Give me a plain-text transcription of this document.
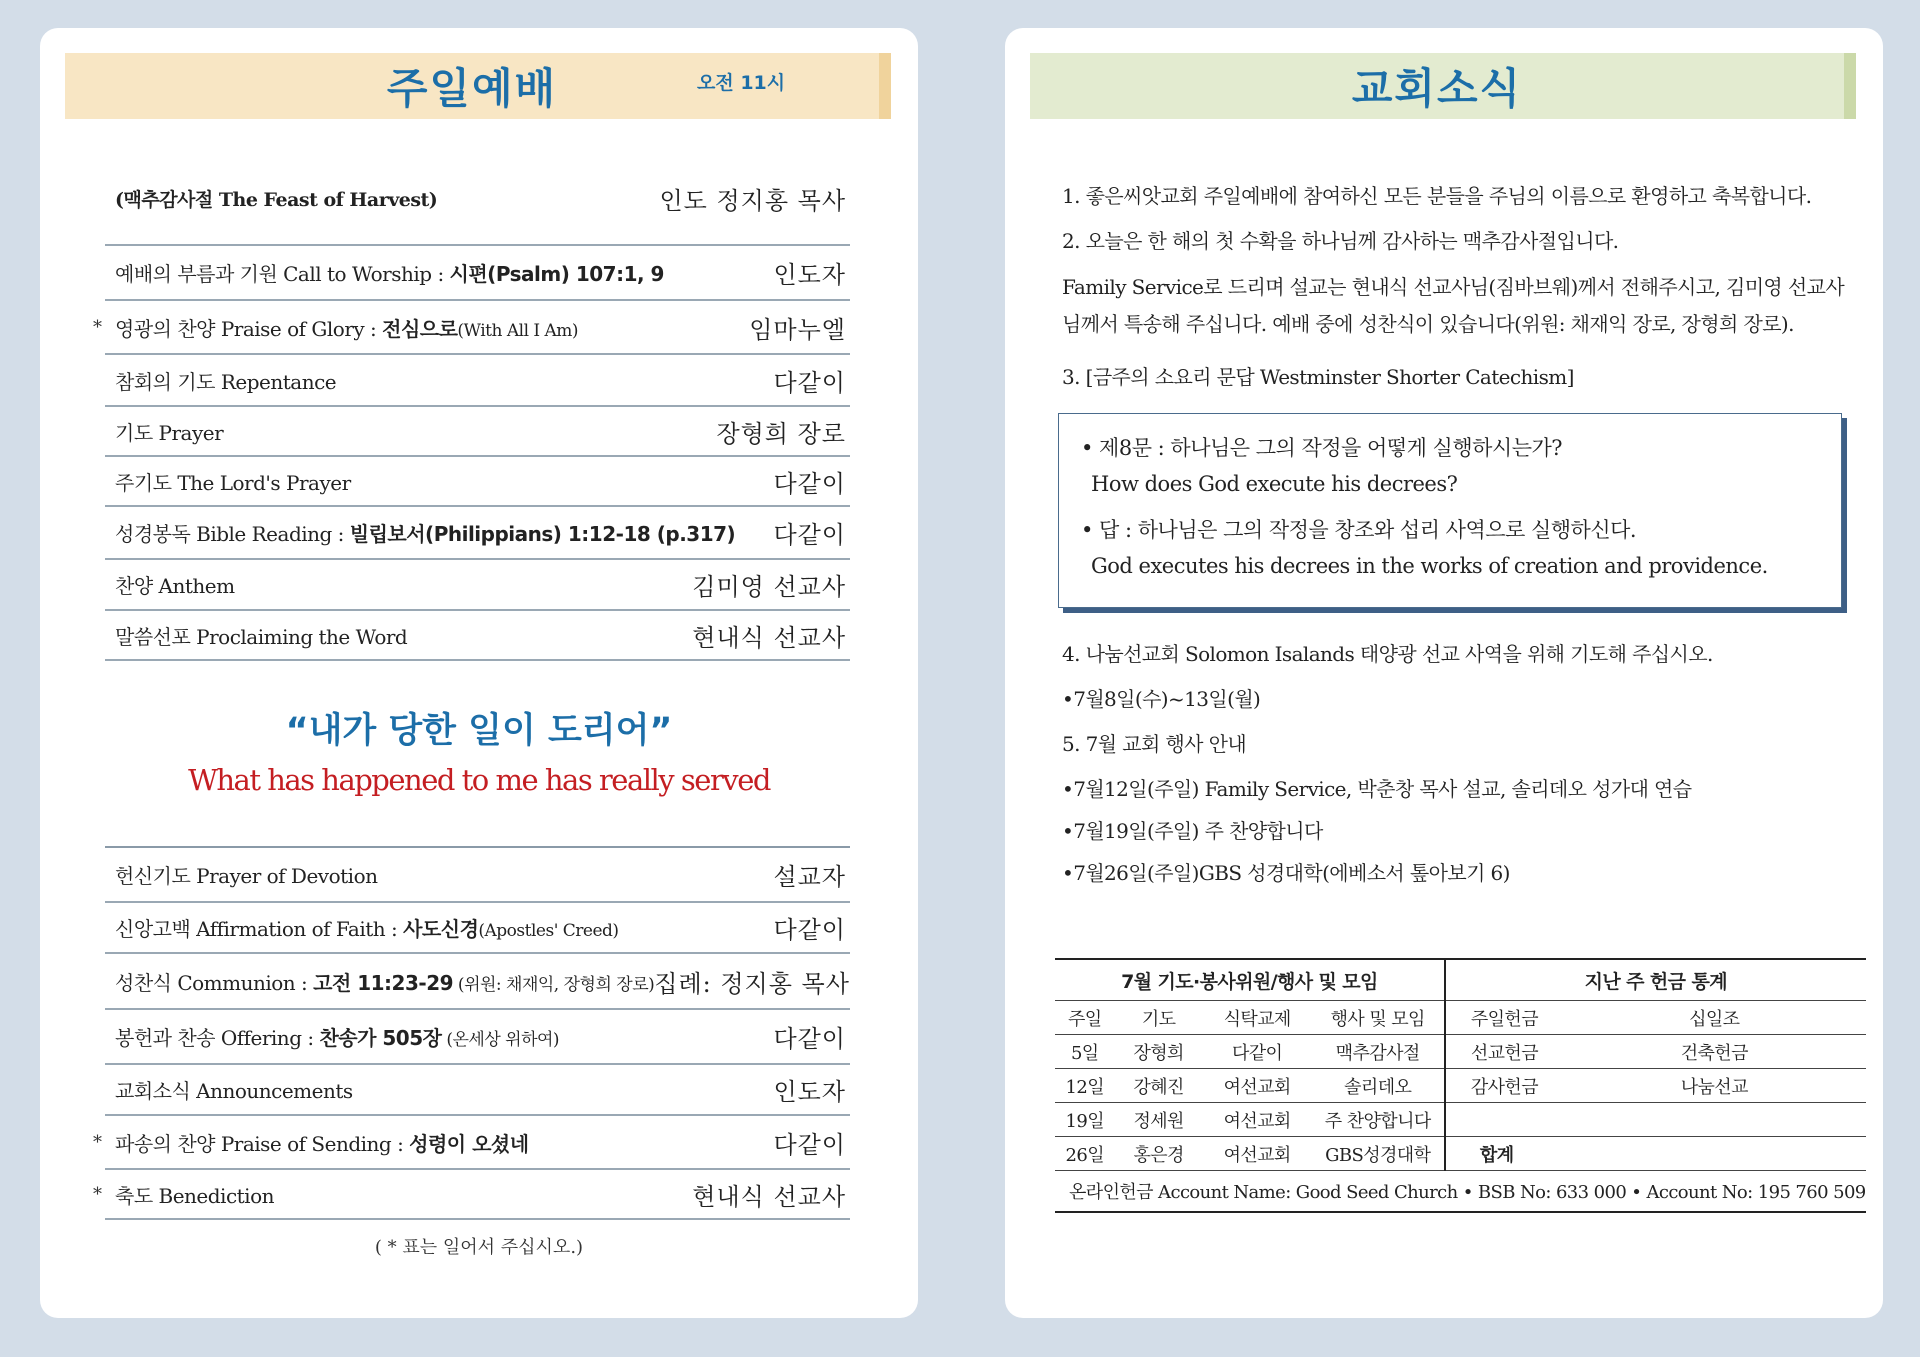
주일예배	오전 11시
(맥추감사절 The Feast of Harvest)	인도 정지홍 목사
예배의 부름과 기원 Call to Worship : 시편(Psalm) 107:1, 9	인도자
* 영광의 찬양 Praise of Glory : 전심으로(With All I Am)	임마누엘
참회의 기도 Repentance	다같이
기도 Prayer	장형희 장로
주기도 The Lord's Prayer	다같이
성경봉독 Bible Reading : 빌립보서(Philippians) 1:12-18 (p.317) 다같이
찬양 Anthem	김미영 선교사
말씀선포 Proclaiming the Word	현내식 선교사
“내가 당한 일이 도리어”
What has happened to me has really served
헌신기도 Prayer of Devotion	설교자
신앙고백 Affirmation of Faith : 사도신경(Apostles' Creed)	다같이
성찬식 Communion : 고전 11:23-29 (위원: 채재익, 장형희 장로) 집례: 정지홍 목사
봉헌과 찬송 Offering : 찬송가 505장 (온세상 위하여)	다같이
교회소식 Announcements	인도자
* 파송의 찬양 Praise of Sending : 성령이 오셨네	다같이
* 축도 Benediction	현내식 선교사
( * 표는 일어서 주십시오.)
교회소식
1. 좋은씨앗교회 주일예배에 참여하신 모든 분들을 주님의 이름으로 환영하고 축복합니다.
2. 오늘은 한 해의 첫 수확을 하나님께 감사하는 맥추감사절입니다.
Family Service로 드리며 설교는 현내식 선교사님(짐바브웨)께서 전해주시고, 김미영 선교사
님께서 특송해 주십니다. 예배 중에 성찬식이 있습니다(위원: 채재익 장로, 장형희 장로).
3. [금주의 소요리 문답 Westminster Shorter Catechism]
• 제8문 : 하나님은 그의 작정을 어떻게 실행하시는가?
How does God execute his decrees?
• 답 : 하나님은 그의 작정을 창조와 섭리 사역으로 실행하신다.
God executes his decrees in the works of creation and providence.
4. 나눔선교회 Solomon Isalands 태양광 선교 사역을 위해 기도해 주십시오.
•7월8일(수)~13일(월)
5. 7월 교회 행사 안내
•7월12일(주일) Family Service, 박춘창 목사 설교, 솔리데오 성가대 연습
•7월19일(주일) 주 찬양합니다
•7월26일(주일)GBS 성경대학(에베소서 톺아보기 6)
7월 기도·봉사위원/행사 및 모임				지난 주 헌금 통계	
주일	기도	식탁교제	행사 및 모임	주일헌금	십일조
5일	장형희	다같이	맥추감사절	선교헌금	건축헌금
12일	강혜진	여선교회	솔리데오	감사헌금	나눔선교
19일	정세원	여선교회	주 찬양합니다		
26일	홍은경	여선교회	GBS성경대학	합계	
온라인헌금 Account Name: Good Seed Church • BSB No: 633 000 • Account No: 195 760 509					
